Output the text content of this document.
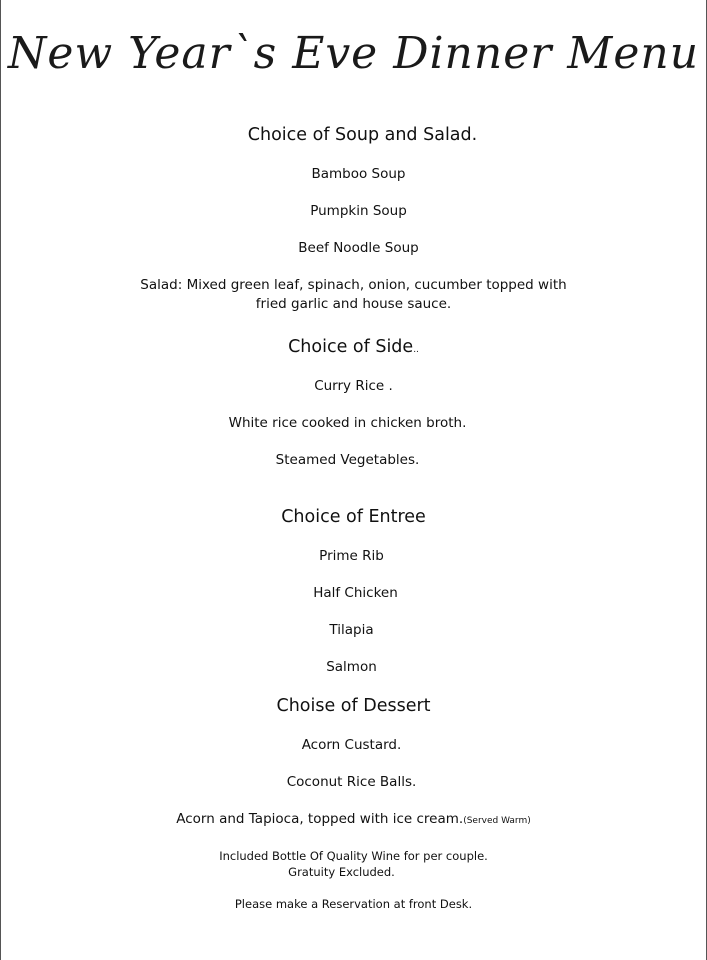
New Year`s Eve Dinner Menu
Choice of Soup and Salad.
Bamboo Soup
Pumpkin Soup
Beef Noodle Soup
Salad: Mixed green leaf, spinach, onion, cucumber topped with
fried garlic and house sauce.
Choice of Side..
Curry Rice .
White rice cooked in chicken broth.
Steamed Vegetables.
Choice of Entree
Prime Rib
Half Chicken
Tilapia
Salmon
Choise of Dessert
Acorn Custard.
Coconut Rice Balls.
Acorn and Tapioca, topped with ice cream.(Served Warm)
Included Bottle Of Quality Wine for per couple.
Gratuity Excluded.
Please make a Reservation at front Desk.
